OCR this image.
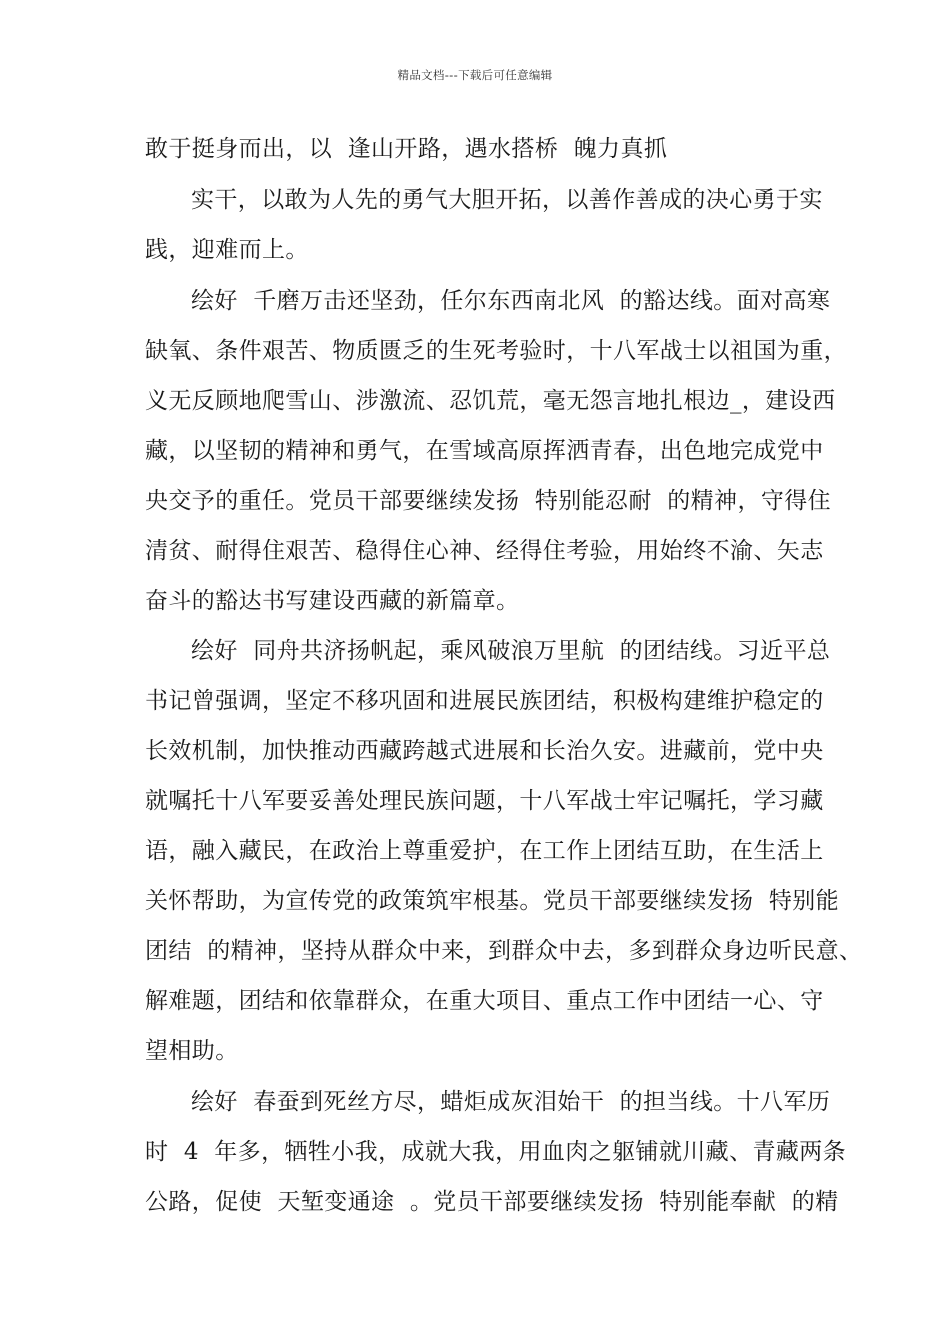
精品文档---下载后可任意编辑
敢于挺身而出，以  逢山开路，遇水搭桥  魄力真抓
实干，以敢为人先的勇气大胆开拓，以善作善成的决心勇于实
践，迎难而上。
绘好  千磨万击还坚劲，任尔东西南北风  的豁达线。面对高寒
缺氧、条件艰苦、物质匮乏的生死考验时，十八军战士以祖国为重，
义无反顾地爬雪山、涉激流、忍饥荒，毫无怨言地扎根边_，建设西
藏，以坚韧的精神和勇气，在雪域高原挥洒青春，出色地完成党中
央交予的重任。党员干部要继续发扬  特别能忍耐  的精神，守得住
清贫、耐得住艰苦、稳得住心神、经得住考验，用始终不渝、矢志
奋斗的豁达书写建设西藏的新篇章。
绘好  同舟共济扬帆起，乘风破浪万里航  的团结线。习近平总
书记曾强调，坚定不移巩固和进展民族团结，积极构建维护稳定的
长效机制，加快推动西藏跨越式进展和长治久安。进藏前，党中央
就嘱托十八军要妥善处理民族问题，十八军战士牢记嘱托，学习藏
语，融入藏民，在政治上尊重爱护，在工作上团结互助，在生活上
关怀帮助，为宣传党的政策筑牢根基。党员干部要继续发扬  特别能
团结  的精神，坚持从群众中来，到群众中去，多到群众身边听民意、
解难题，团结和依靠群众，在重大项目、重点工作中团结一心、守
望相助。
绘好  春蚕到死丝方尽，蜡炬成灰泪始干  的担当线。十八军历
时  4  年多，牺牲小我，成就大我，用血肉之躯铺就川藏、青藏两条
公路，促使  天堑变通途  。党员干部要继续发扬  特别能奉献  的精
